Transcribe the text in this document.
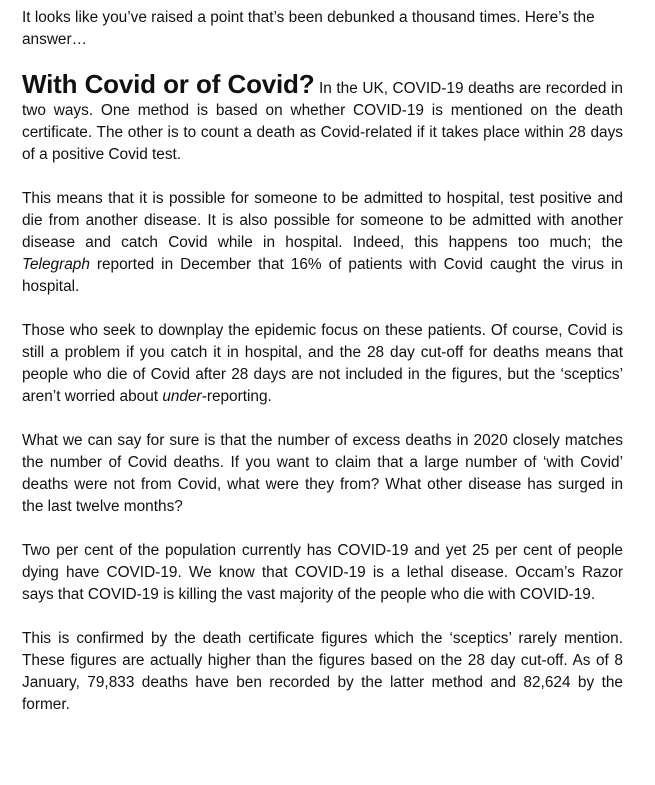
It looks like you’ve raised a point that’s been debunked a thousand times. Here’s the answer…

With Covid or of Covid? In the UK, COVID-19 deaths are recorded in two ways. One method is based on whether COVID-19 is mentioned on the death certificate. The other is to count a death as Covid-related if it takes place within 28 days of a positive Covid test.

This means that it is possible for someone to be admitted to hospital, test positive and die from another disease. It is also possible for someone to be admitted with another disease and catch Covid while in hospital. Indeed, this happens too much; the Telegraph reported in December that 16% of patients with Covid caught the virus in hospital.

Those who seek to downplay the epidemic focus on these patients. Of course, Covid is still a problem if you catch it in hospital, and the 28 day cut-off for deaths means that people who die of Covid after 28 days are not included in the figures, but the ‘sceptics’ aren’t worried about under-reporting.

What we can say for sure is that the number of excess deaths in 2020 closely matches the number of Covid deaths. If you want to claim that a large number of ‘with Covid’ deaths were not from Covid, what were they from? What other disease has surged in the last twelve months?

Two per cent of the population currently has COVID-19 and yet 25 per cent of people dying have COVID-19. We know that COVID-19 is a lethal disease. Occam’s Razor says that COVID-19 is killing the vast majority of the people who die with COVID-19.

This is confirmed by the death certificate figures which the ‘sceptics’ rarely mention. These figures are actually higher than the figures based on the 28 day cut-off. As of 8 January, 79,833 deaths have ben recorded by the latter method and 82,624 by the former.
